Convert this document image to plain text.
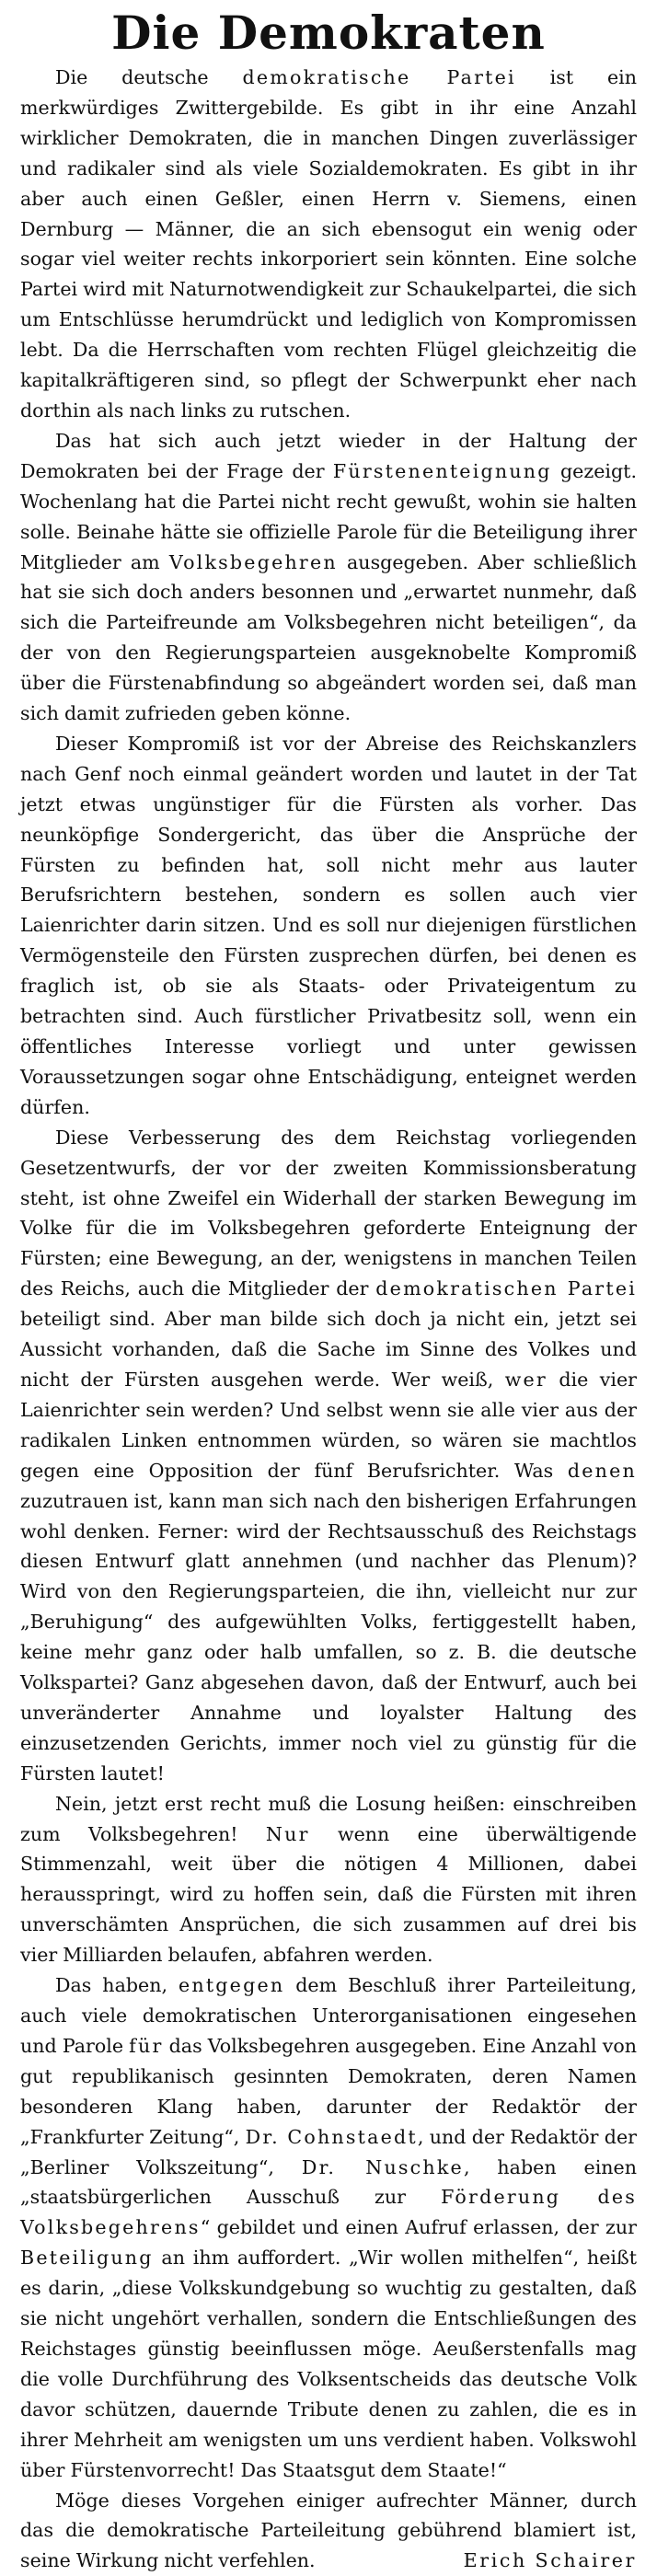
Die Demokraten

Die deutsche demokratische Partei ist ein merkwürdiges Zwittergebilde. Es gibt in ihr eine Anzahl wirklicher Demokraten, die in manchen Dingen zuverlässiger und radikaler sind als viele Sozialdemokraten. Es gibt in ihr aber auch einen Geßler, einen Herrn v. Siemens, einen Dernburg — Männer, die an sich ebensogut ein wenig oder sogar viel weiter rechts inkorporiert sein könnten. Eine solche Partei wird mit Naturnotwendigkeit zur Schaukelpartei, die sich um Entschlüsse herumdrückt und lediglich von Kompromissen lebt. Da die Herrschaften vom rechten Flügel gleichzeitig die kapitalkräftigeren sind, so pflegt der Schwerpunkt eher nach dorthin als nach links zu rutschen.

Das hat sich auch jetzt wieder in der Haltung der Demokraten bei der Frage der Fürstenenteignung gezeigt. Wochenlang hat die Partei nicht recht gewußt, wohin sie halten solle. Beinahe hätte sie offizielle Parole für die Beteiligung ihrer Mitglieder am Volksbegehren ausgegeben. Aber schließlich hat sie sich doch anders besonnen und „erwartet nunmehr, daß sich die Parteifreunde am Volksbegehren nicht beteiligen“, da der von den Regierungsparteien ausgeknobelte Kompromiß über die Fürstenabfindung so abgeändert worden sei, daß man sich damit zufrieden geben könne.

Dieser Kompromiß ist vor der Abreise des Reichskanzlers nach Genf noch einmal geändert worden und lautet in der Tat jetzt etwas ungünstiger für die Fürsten als vorher. Das neunköpfige Sondergericht, das über die Ansprüche der Fürsten zu befinden hat, soll nicht mehr aus lauter Berufsrichtern bestehen, sondern es sollen auch vier Laienrichter darin sitzen. Und es soll nur diejenigen fürstlichen Vermögensteile den Fürsten zusprechen dürfen, bei denen es fraglich ist, ob sie als Staats- oder Privateigentum zu betrachten sind. Auch fürstlicher Privatbesitz soll, wenn ein öffentliches Interesse vorliegt und unter gewissen Voraussetzungen sogar ohne Entschädigung, enteignet werden dürfen.

Diese Verbesserung des dem Reichstag vorliegenden Gesetzentwurfs, der vor der zweiten Kommissionsberatung steht, ist ohne Zweifel ein Widerhall der starken Bewegung im Volke für die im Volksbegehren geforderte Enteignung der Fürsten; eine Bewegung, an der, wenigstens in manchen Teilen des Reichs, auch die Mitglieder der demokratischen Partei beteiligt sind. Aber man bilde sich doch ja nicht ein, jetzt sei Aussicht vorhanden, daß die Sache im Sinne des Volkes und nicht der Fürsten ausgehen werde. Wer weiß, wer die vier Laienrichter sein werden? Und selbst wenn sie alle vier aus der radikalen Linken entnommen würden, so wären sie machtlos gegen eine Opposition der fünf Berufsrichter. Was denen zuzutrauen ist, kann man sich nach den bisherigen Erfahrungen wohl denken. Ferner: wird der Rechtsausschuß des Reichstags diesen Entwurf glatt annehmen (und nachher das Plenum)? Wird von den Regierungsparteien, die ihn, vielleicht nur zur „Beruhigung“ des aufgewühlten Volks, fertiggestellt haben, keine mehr ganz oder halb umfallen, so z. B. die deutsche Volkspartei? Ganz abgesehen davon, daß der Entwurf, auch bei unveränderter Annahme und loyalster Haltung des einzusetzenden Gerichts, immer noch viel zu günstig für die Fürsten lautet!

Nein, jetzt erst recht muß die Losung heißen: einschreiben zum Volksbegehren! Nur wenn eine überwältigende Stimmenzahl, weit über die nötigen 4 Millionen, dabei herausspringt, wird zu hoffen sein, daß die Fürsten mit ihren unverschämten Ansprüchen, die sich zusammen auf drei bis vier Milliarden belaufen, abfahren werden.

Das haben, entgegen dem Beschluß ihrer Parteileitung, auch viele demokratischen Unterorganisationen eingesehen und Parole für das Volksbegehren ausgegeben. Eine Anzahl von gut republikanisch gesinnten Demokraten, deren Namen besonderen Klang haben, darunter der Redaktör der „Frankfurter Zeitung“, Dr. Cohnstaedt, und der Redaktör der „Berliner Volkszeitung“, Dr. Nuschke, haben einen „staatsbürgerlichen Ausschuß zur Förderung des Volksbegehrens“ gebildet und einen Aufruf erlassen, der zur Beteiligung an ihm auffordert. „Wir wollen mithelfen“, heißt es darin, „diese Volkskundgebung so wuchtig zu gestalten, daß sie nicht ungehört verhallen, sondern die Entschließungen des Reichstages günstig beeinflussen möge. Aeußerstenfalls mag die volle Durchführung des Volksentscheids das deutsche Volk davor schützen, dauernde Tribute denen zu zahlen, die es in ihrer Mehrheit am wenigsten um uns verdient haben. Volkswohl über Fürstenvorrecht! Das Staatsgut dem Staate!“

Möge dieses Vorgehen einiger aufrechter Männer, durch das die demokratische Parteileitung gebührend blamiert ist, seine Wirkung nicht verfehlen.	Erich Schairer
